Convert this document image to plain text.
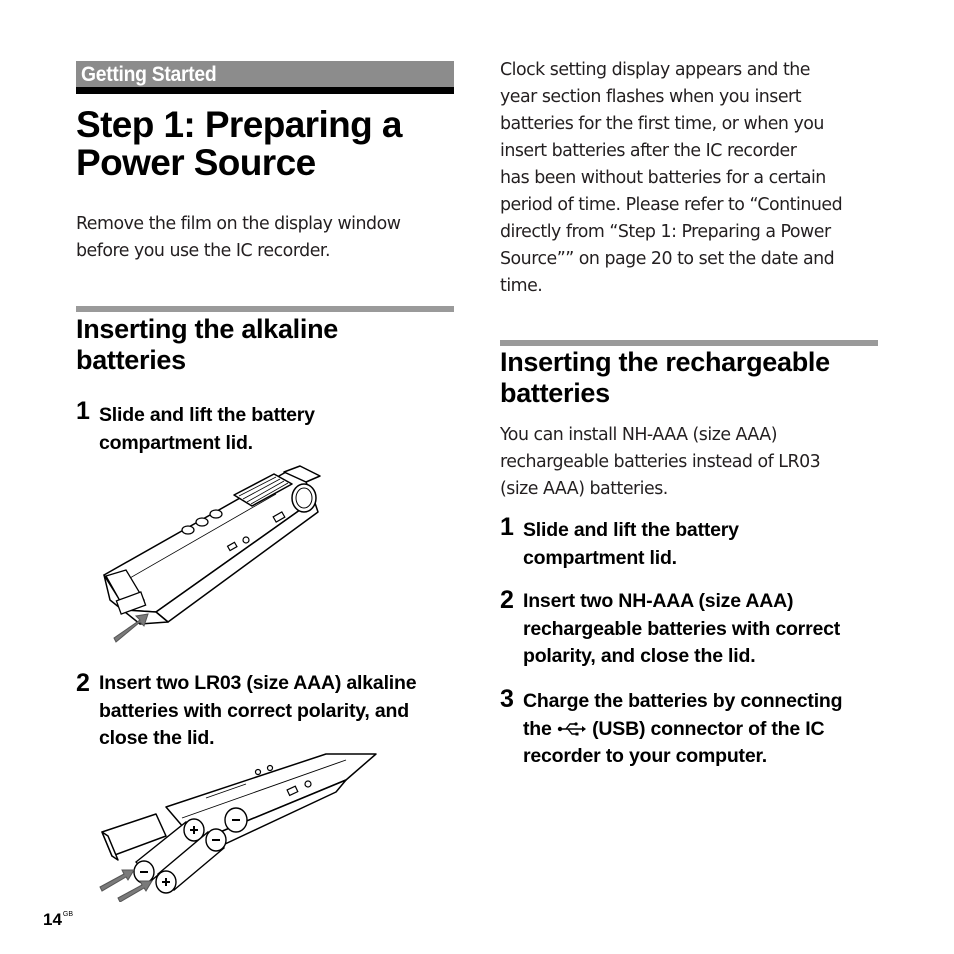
Getting Started
Step 1: Preparing a
Power Source
Remove the film on the display window
before you use the IC recorder.
Inserting the alkaline
batteries
1 Slide and lift the battery
compartment lid.
2 Insert two LR03 (size AAA) alkaline
batteries with correct polarity, and
close the lid.
Clock setting display appears and the
year section flashes when you insert
batteries for the first time, or when you
insert batteries after the IC recorder
has been without batteries for a certain
period of time. Please refer to “Continued
directly from “Step 1: Preparing a Power
Source”” on page 20 to set the date and
time.
Inserting the rechargeable
batteries
You can install NH-AAA (size AAA)
rechargeable batteries instead of LR03
(size AAA) batteries.
1 Slide and lift the battery
compartment lid.
2 Insert two NH-AAA (size AAA)
rechargeable batteries with correct
polarity, and close the lid.
3 Charge the batteries by connecting
the (USB) connector of the IC
recorder to your computer.
$14^{GB}$
